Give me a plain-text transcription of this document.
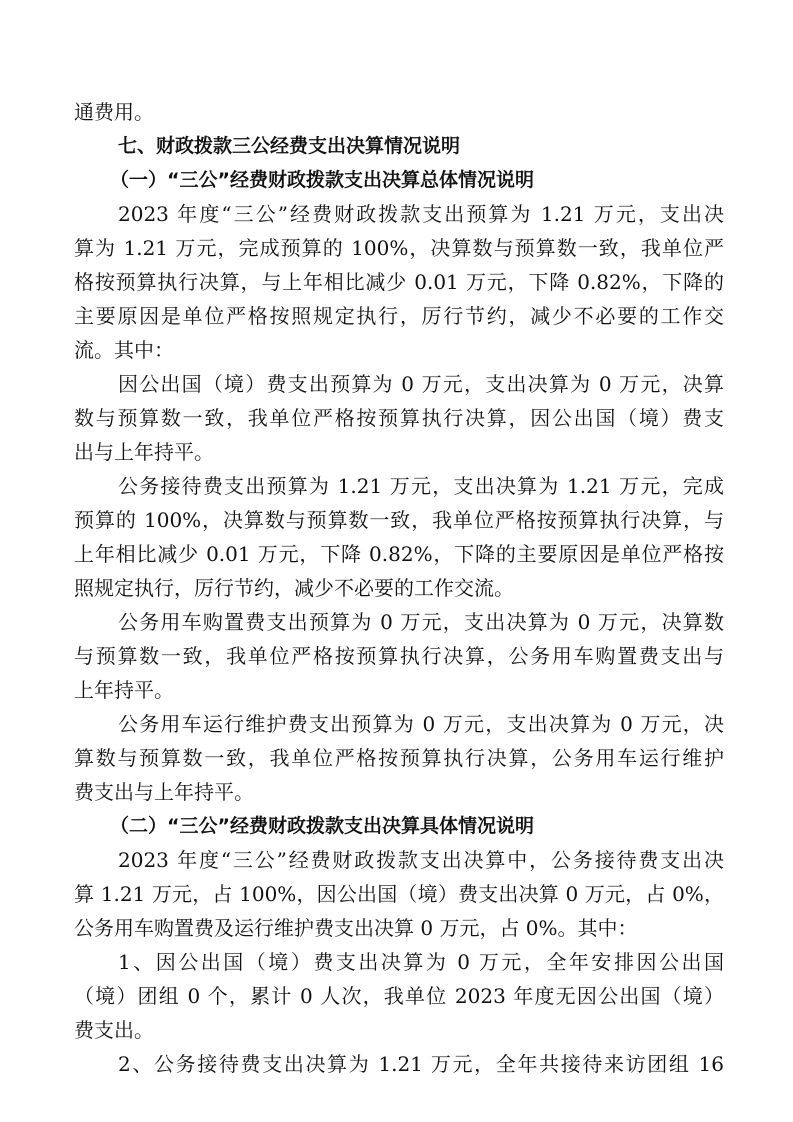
通费用。
七、财政拨款三公经费支出决算情况说明
（一）“三公”经费财政拨款支出决算总体情况说明
2023 年度“三公”经费财政拨款支出预算为 1.21 万元，支出决
算为 1.21 万元，完成预算的 100%，决算数与预算数一致，我单位严
格按预算执行决算，与上年相比减少 0.01 万元，下降 0.82%，下降的
主要原因是单位严格按照规定执行，厉行节约，减少不必要的工作交
流。其中：
因公出国（境）费支出预算为 0 万元，支出决算为 0 万元，决算
数与预算数一致，我单位严格按预算执行决算，因公出国（境）费支
出与上年持平。
公务接待费支出预算为 1.21 万元，支出决算为 1.21 万元，完成
预算的 100%，决算数与预算数一致，我单位严格按预算执行决算，与
上年相比减少 0.01 万元，下降 0.82%，下降的主要原因是单位严格按
照规定执行，厉行节约，减少不必要的工作交流。
公务用车购置费支出预算为 0 万元，支出决算为 0 万元，决算数
与预算数一致，我单位严格按预算执行决算，公务用车购置费支出与
上年持平。
公务用车运行维护费支出预算为 0 万元，支出决算为 0 万元，决
算数与预算数一致，我单位严格按预算执行决算，公务用车运行维护
费支出与上年持平。
（二）“三公”经费财政拨款支出决算具体情况说明
2023 年度“三公”经费财政拨款支出决算中，公务接待费支出决
算 1.21 万元，占 100%，因公出国（境）费支出决算 0 万元，占 0%，
公务用车购置费及运行维护费支出决算 0 万元，占 0%。其中：
1、因公出国（境）费支出决算为 0 万元，全年安排因公出国
（境）团组 0 个，累计 0 人次，我单位 2023 年度无因公出国（境）
费支出。
2、公务接待费支出决算为 1.21 万元，全年共接待来访团组 16
